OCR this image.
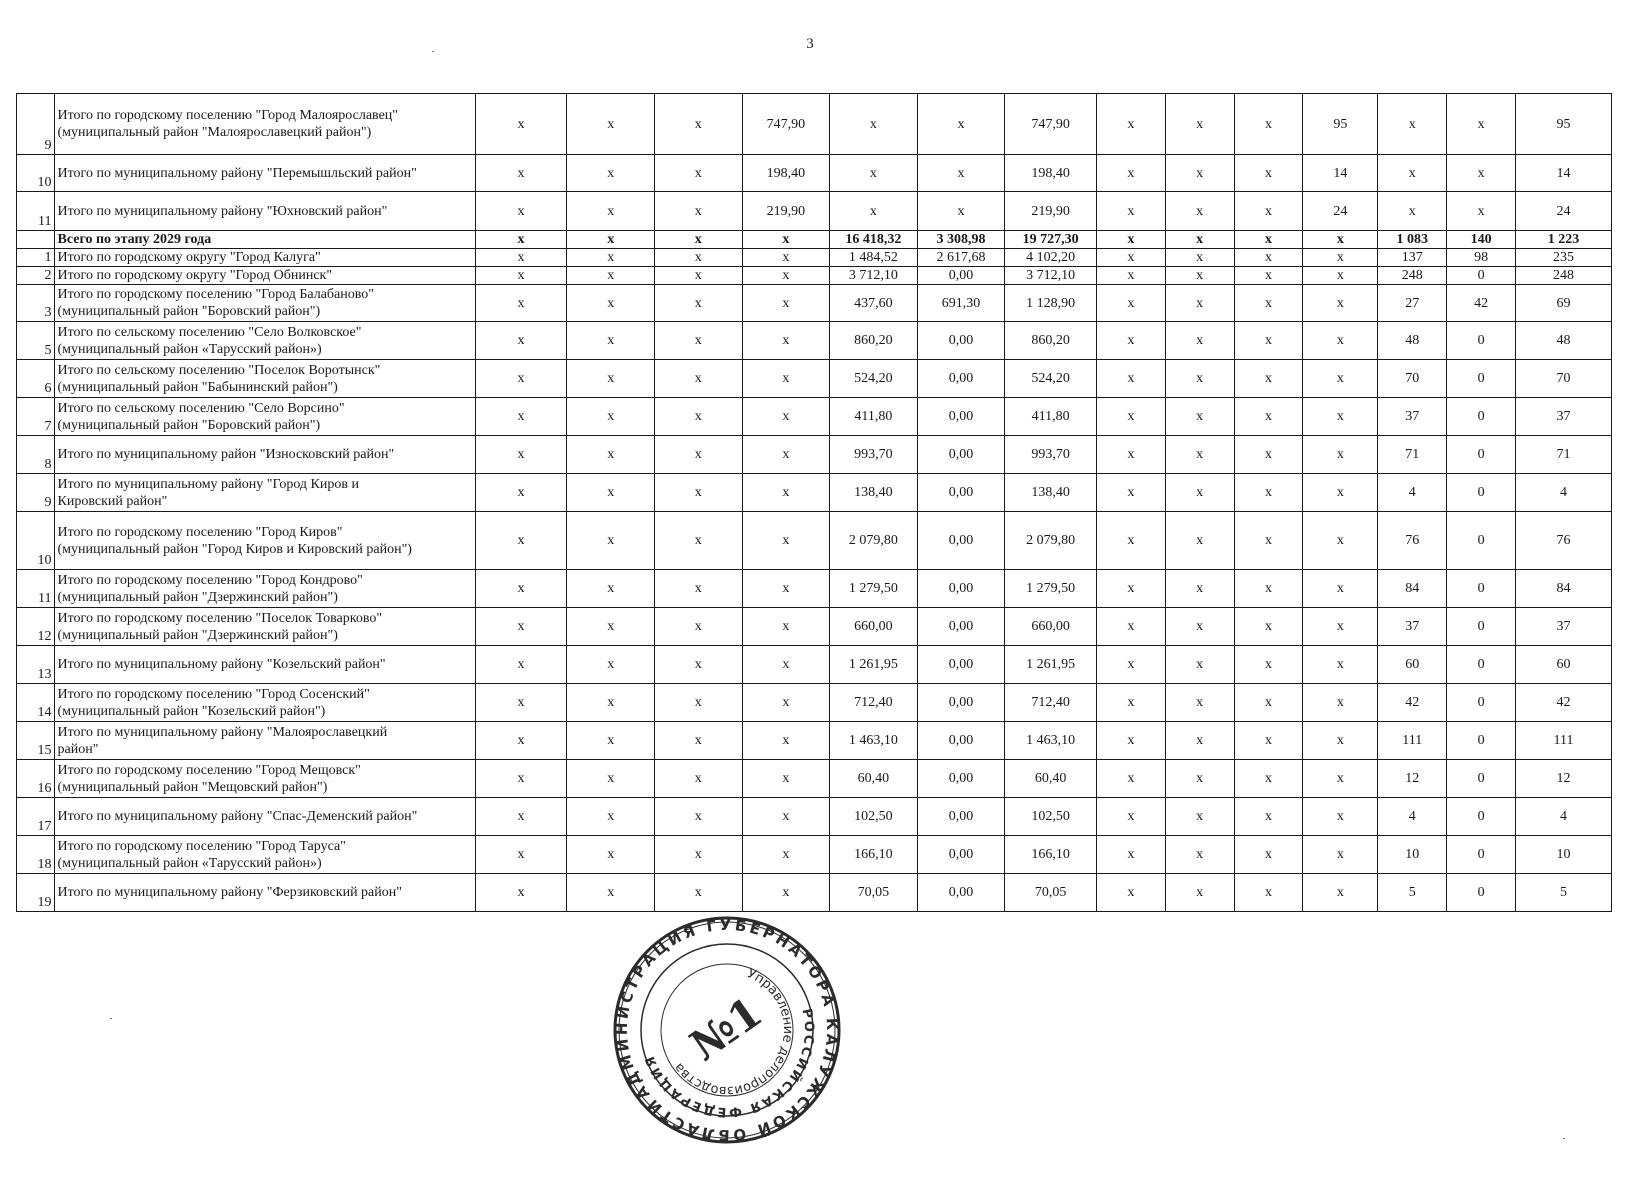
3
9	Итого по городскому поселению "Город Малоярославец"
(муниципальный район "Малоярославецкий район")	x	x	x	747,90	x	x	747,90	x	x	x	95	x	x	95
10	Итого по муниципальному району "Перемышльский район"	x	x	x	198,40	x	x	198,40	x	x	x	14	x	x	14
11	Итого по муниципальному району "Юхновский район"	x	x	x	219,90	x	x	219,90	x	x	x	24	x	x	24
	Всего по этапу 2029 года	x	x	x	x	16 418,32	3 308,98	19 727,30	x	x	x	x	1 083	140	1 223
1	Итого по городскому округу "Город Калуга"	x	x	x	x	1 484,52	2 617,68	4 102,20	x	x	x	x	137	98	235
2	Итого по городскому округу "Город Обнинск"	x	x	x	x	3 712,10	0,00	3 712,10	x	x	x	x	248	0	248
3	Итого по городскому поселению "Город Балабаново"
(муниципальный район "Боровский район")	x	x	x	x	437,60	691,30	1 128,90	x	x	x	x	27	42	69
5	Итого по сельскому поселению "Село Волковское"
(муниципальный район «Тарусский район»)	x	x	x	x	860,20	0,00	860,20	x	x	x	x	48	0	48
6	Итого по сельскому поселению "Поселок Воротынск"
(муниципальный район "Бабынинский район")	x	x	x	x	524,20	0,00	524,20	x	x	x	x	70	0	70
7	Итого по сельскому поселению "Село Ворсино"
(муниципальный район "Боровский район")	x	x	x	x	411,80	0,00	411,80	x	x	x	x	37	0	37
8	Итого по муниципальному район "Износковский район"	x	x	x	x	993,70	0,00	993,70	x	x	x	x	71	0	71
9	Итого по муниципальному району "Город Киров и
Кировский район"	x	x	x	x	138,40	0,00	138,40	x	x	x	x	4	0	4
10	Итого по городскому поселению "Город Киров"
(муниципальный район "Город Киров и Кировский район")	x	x	x	x	2 079,80	0,00	2 079,80	x	x	x	x	76	0	76
11	Итого по городскому поселению "Город Кондрово"
(муниципальный район "Дзержинский район")	x	x	x	x	1 279,50	0,00	1 279,50	x	x	x	x	84	0	84
12	Итого по городскому поселению "Поселок Товарково"
(муниципальный район "Дзержинский район")	x	x	x	x	660,00	0,00	660,00	x	x	x	x	37	0	37
13	Итого по муниципальному району "Козельский район"	x	x	x	x	1 261,95	0,00	1 261,95	x	x	x	x	60	0	60
14	Итого по городскому поселению "Город Сосенский"
(муниципальный район "Козельский район")	x	x	x	x	712,40	0,00	712,40	x	x	x	x	42	0	42
15	Итого по муниципальному району "Малоярославецкий
район"	x	x	x	x	1 463,10	0,00	1 463,10	x	x	x	x	111	0	111
16	Итого по городскому поселению "Город Мещовск"
(муниципальный район "Мещовский район")	x	x	x	x	60,40	0,00	60,40	x	x	x	x	12	0	12
17	Итого по муниципальному району "Спас-Деменский район"	x	x	x	x	102,50	0,00	102,50	x	x	x	x	4	0	4
18	Итого по городскому поселению "Город Таруса"
(муниципальный район «Тарусский район»)	x	x	x	x	166,10	0,00	166,10	x	x	x	x	10	0	10
19	Итого по муниципальному району "Ферзиковский район"	x	x	x	x	70,05	0,00	70,05	x	x	x	x	5	0	5
АДМИНИСТРАЦИЯ ГУБЕРНАТОРА КАЛУЖСКОЙ ОБЛАСТИ
РОССИЙСКАЯ ФЕДЕРАЦИЯ
Управление делопроизводства
№1
